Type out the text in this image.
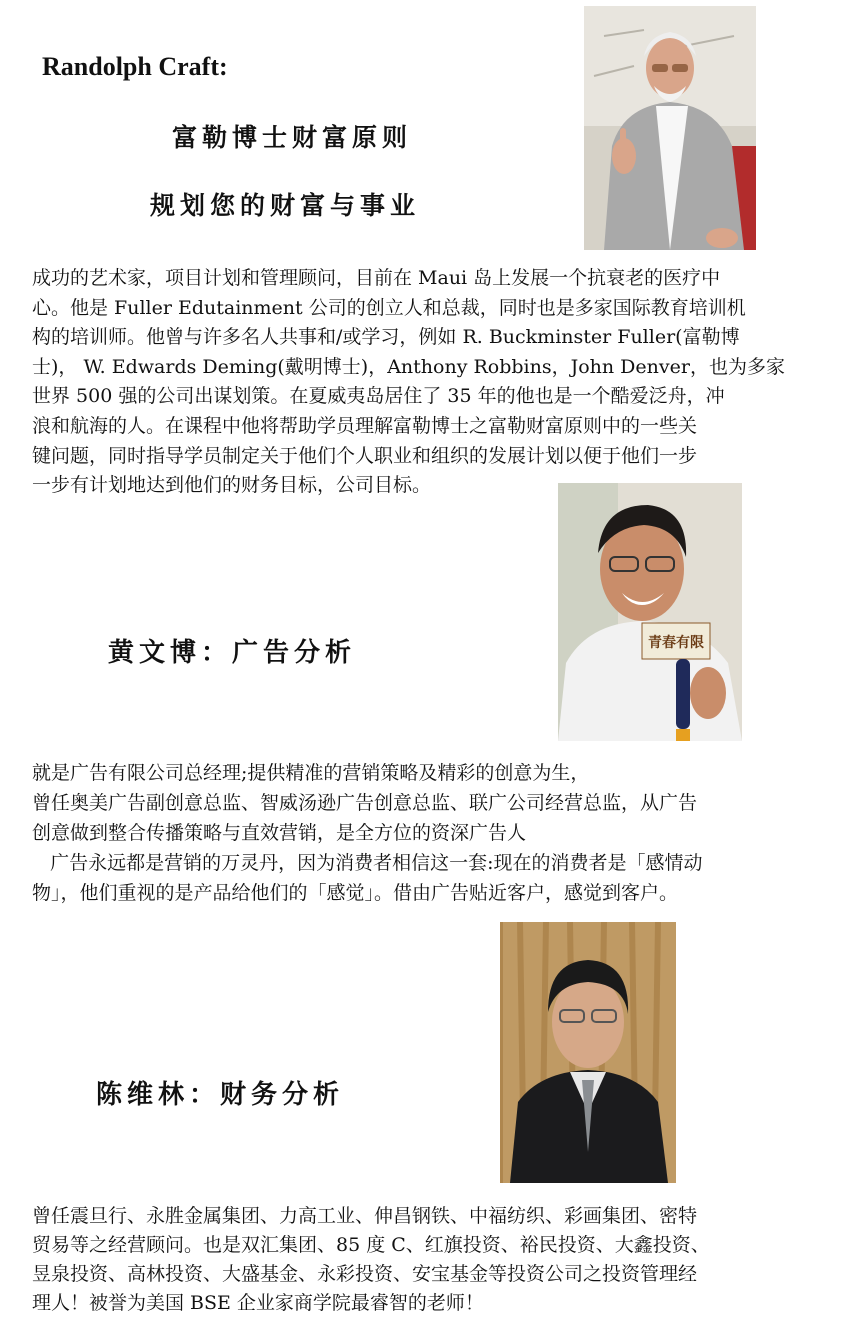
Randolph Craft:
富勒博士财富原则
规划您的财富与事业

成功的艺术家，项目计划和管理顾问，目前在 Maui 岛上发展一个抗衰老的医疗中

心。他是 Fuller Edutainment 公司的创立人和总裁，同时也是多家国际教育培训机

构的培训师。他曾与许多名人共事和/或学习，例如 R. Buckminster Fuller(富勒博

士)， W. Edwards Deming(戴明博士)，Anthony Robbins，John Denver，也为多家

世界 500 强的公司出谋划策。在夏威夷岛居住了 35 年的他也是一个酷爱泛舟，冲

浪和航海的人。在课程中他将帮助学员理解富勒博士之富勒财富原则中的一些关

键问题，同时指导学员制定关于他们个人职业和组织的发展计划以便于他们一步

一步有计划地达到他们的财务目标，公司目标。

青春有限
黄文博：广告分析

就是广告有限公司总经理;提供精准的营销策略及精彩的创意为生，

曾任奥美广告副创意总监、智威汤逊广告创意总监、联广公司经营总监，从广告

创意做到整合传播策略与直效营销，是全方位的资深广告人

广告永远都是营销的万灵丹，因为消费者相信这一套:现在的消费者是「感情动

物」，他们重视的是产品给他们的「感觉」。借由广告贴近客户，感觉到客户。

陈维林：财务分析

曾任震旦行、永胜金属集团、力高工业、伸昌钢铁、中福纺织、彩画集团、密特

贸易等之经营顾问。也是双汇集团、85 度 C、红旗投资、裕民投资、大鑫投资、

昱泉投资、高林投资、大盛基金、永彩投资、安宝基金等投资公司之投资管理经

理人！被誉为美国 BSE 企业家商学院最睿智的老师！
